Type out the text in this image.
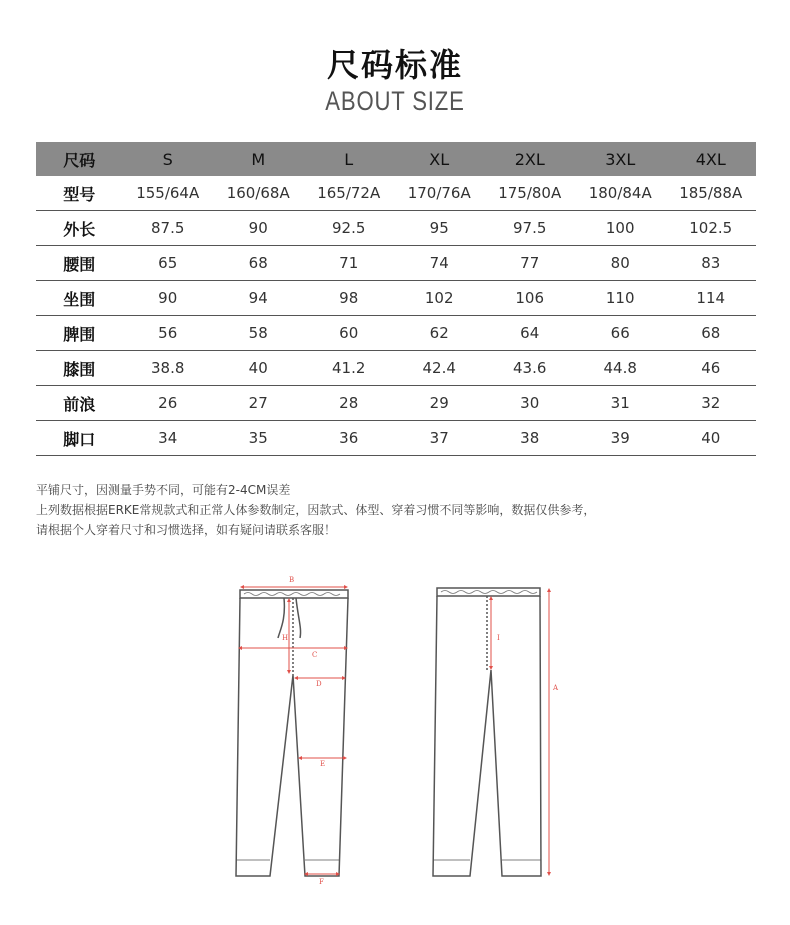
尺码标准
ABOUT SIZE
尺码	S	M	L	XL	2XL	3XL	4XL
型号	155/64A	160/68A	165/72A	170/76A	175/80A	180/84A	185/88A
外长	87.5	90	92.5	95	97.5	100	102.5
腰围	65	68	71	74	77	80	83
坐围	90	94	98	102	106	110	114
脾围	56	58	60	62	64	66	68
膝围	38.8	40	41.2	42.4	43.6	44.8	46
前浪	26	27	28	29	30	31	32
脚口	34	35	36	37	38	39	40
平铺尺寸，因测量手势不同，可能有2-4CM误差
上列数据根据ERKE常规款式和正常人体参数制定，因款式、体型、穿着习惯不同等影响，数据仅供参考，
请根据个人穿着尺寸和习惯选择，如有疑问请联系客服！
B
H
C
D
E
F
I
A
